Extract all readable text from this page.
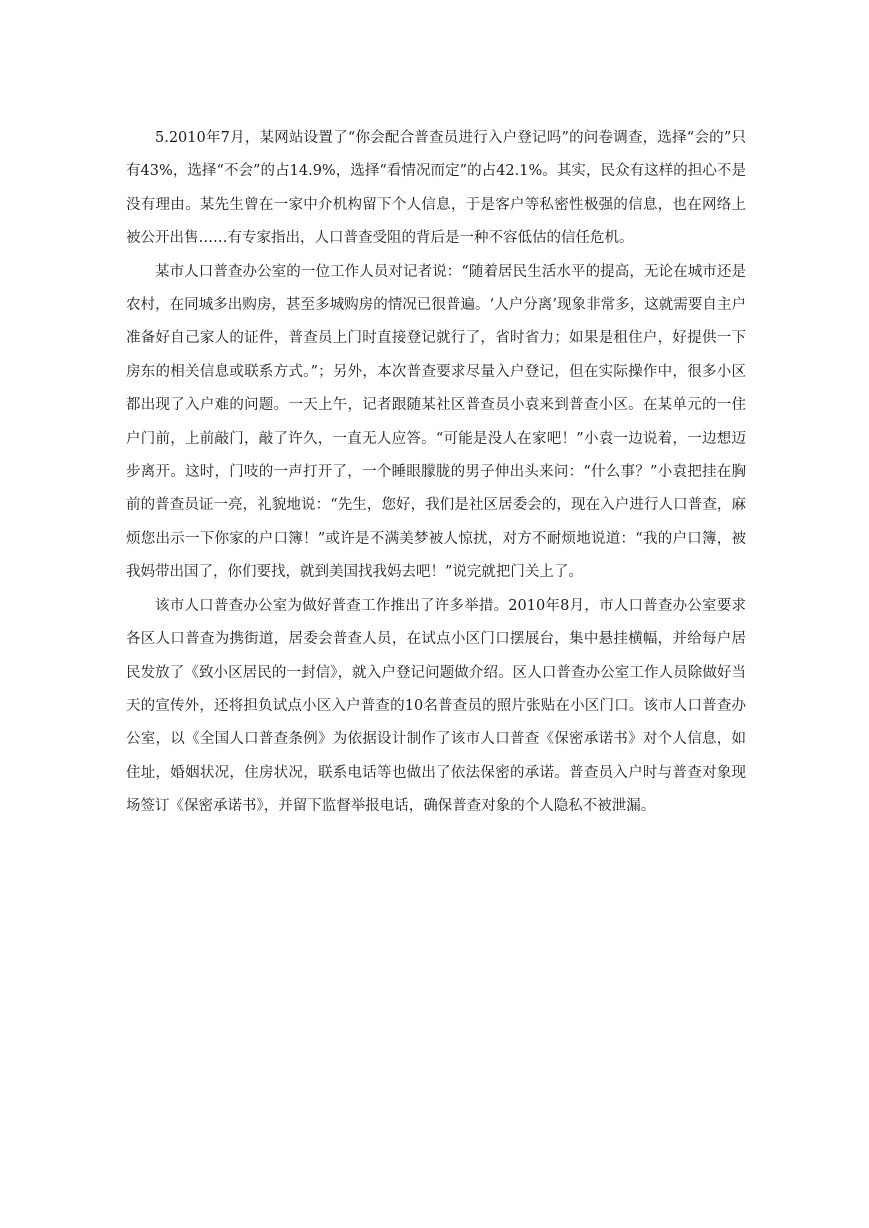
5.2010年7月，某网站设置了“你会配合普查员进行入户登记吗”的问卷调查，选择“会的”只有43%，选择“不会”的占14.9%，选择“看情况而定”的占42.1%。其实，民众有这样的担心不是没有理由。某先生曾在一家中介机构留下个人信息，于是客户等私密性极强的信息，也在网络上被公开出售……有专家指出，人口普查受阻的背后是一种不容低估的信任危机。

某市人口普查办公室的一位工作人员对记者说：“随着居民生活水平的提高，无论在城市还是农村，在同城多出购房，甚至多城购房的情况已很普遍。‘人户分离’现象非常多，这就需要自主户准备好自己家人的证件，普查员上门时直接登记就行了，省时省力；如果是租住户，好提供一下房东的相关信息或联系方式。”；另外，本次普查要求尽量入户登记，但在实际操作中，很多小区都出现了入户难的问题。一天上午，记者跟随某社区普查员小袁来到普查小区。在某单元的一住户门前，上前敲门，敲了许久，一直无人应答。“可能是没人在家吧！”小袁一边说着，一边想迈步离开。这时，门吱的一声打开了，一个睡眼朦胧的男子伸出头来问：“什么事？”小袁把挂在胸前的普查员证一亮，礼貌地说：“先生，您好，我们是社区居委会的，现在入户进行人口普查，麻烦您出示一下你家的户口簿！”或许是不满美梦被人惊扰，对方不耐烦地说道：“我的户口簿，被我妈带出国了，你们要找，就到美国找我妈去吧！”说完就把门关上了。

该市人口普查办公室为做好普查工作推出了许多举措。2010年8月，市人口普查办公室要求各区人口普查为携街道，居委会普查人员，在试点小区门口摆展台，集中悬挂横幅，并给每户居民发放了《致小区居民的一封信》，就入户登记问题做介绍。区人口普查办公室工作人员除做好当天的宣传外，还将担负试点小区入户普查的10名普查员的照片张贴在小区门口。该市人口普查办公室，以《全国人口普查条例》为依据设计制作了该市人口普查《保密承诺书》对个人信息，如住址，婚姻状况，住房状况，联系电话等也做出了依法保密的承诺。普查员入户时与普查对象现场签订《保密承诺书》，并留下监督举报电话，确保普查对象的个人隐私不被泄漏。
